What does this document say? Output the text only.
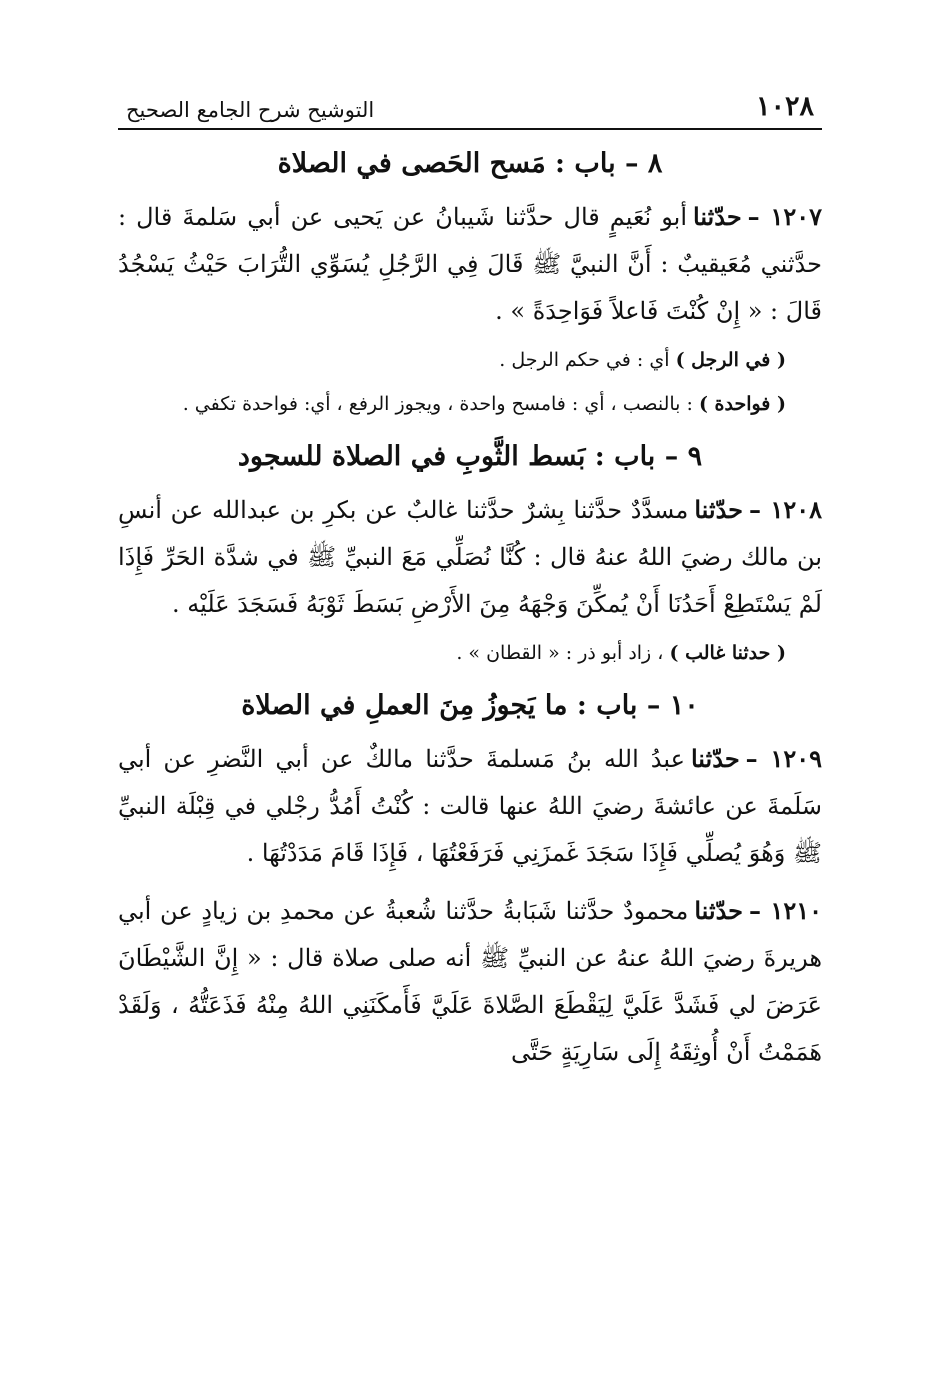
١٠٢٨
التوشيح شرح الجامع الصحيح
٨ – باب : مَسح الحَصى في الصلاة

١٢٠٧ –حدّثناأبو نُعَيمٍ قال حدَّثنا شَيبانُ عن يَحيى عن أبي سَلمةَ قال : حدَّثني مُعَيقيبٌ : أَنَّ النبيَّ ﷺ قَالَ فِي الرَّجُلِ يُسَوِّي التُّرَابَ حَيْثُ يَسْجُدُ قَالَ : « إِنْ كُنْتَ فَاعلاً فَوَاحِدَةً » .

( في الرجل ) أي : في حكم الرجل .

( فواحدة ) : بالنصب ، أي : فامسح واحدة ، ويجوز الرفع ، أي: فواحدة تكفي .

٩ – باب : بَسط الثَّوبِ في الصلاة للسجود

١٢٠٨ –حدّثنامسدَّدٌ حدَّثنا بِشرٌ حدَّثنا غالبٌ عن بكرِ بن عبدالله عن أنسِ بن مالك رضيَ اللهُ عنهُ قال : كُنَّا نُصَلِّي مَعَ النبيِّ ﷺ في شدَّة الحَرِّ فَإِذَا لَمْ يَسْتَطِعْ أَحَدُنَا أَنْ يُمكِّنَ وَجْهَهُ مِنَ الأَرْضِ بَسَطَ ثَوْبَهُ فَسَجَدَ عَلَيْه .

( حدثنا غالب ) ، زاد أبو ذر : « القطان » .

١٠ – باب : ما يَجوزُ مِنَ العملِ في الصلاة

١٢٠٩ –حدّثناعبدُ الله بنُ مَسلمةَ حدَّثنا مالكٌ عن أبي النَّضرِ عن أبي سَلَمةَ عن عائشةَ رضيَ اللهُ عنها قالت : كُنْتُ أَمُدُّ رجْلي في قِبْلَة النبيِّ ﷺ وَهُوَ يُصلِّي فَإِذَا سَجَدَ غَمزَنِي فَرَفَعْتُهَا ، فَإِذَا قَامَ مَدَدْتُهَا .

١٢١٠ –حدّثنامحمودٌ حدَّثنا شَبَابةُ حدَّثنا شُعبةُ عن محمدِ بن زيادٍ عن أبي هريرةَ رضيَ اللهُ عنهُ عن النبيِّ ﷺ أنه صلى صلاة قال : « إِنَّ الشَّيْطَانَ عَرَضَ لي فَشَدَّ عَلَيَّ لِيَقْطَعَ الصَّلاةَ عَلَيَّ فَأَمكَنَنِي اللهُ مِنْهُ فَذَعَتُّهُ ، وَلَقَدْ هَمَمْتُ أَنْ أُوثِقَهُ إِلَى سَارِيَةٍ حَتَّى
